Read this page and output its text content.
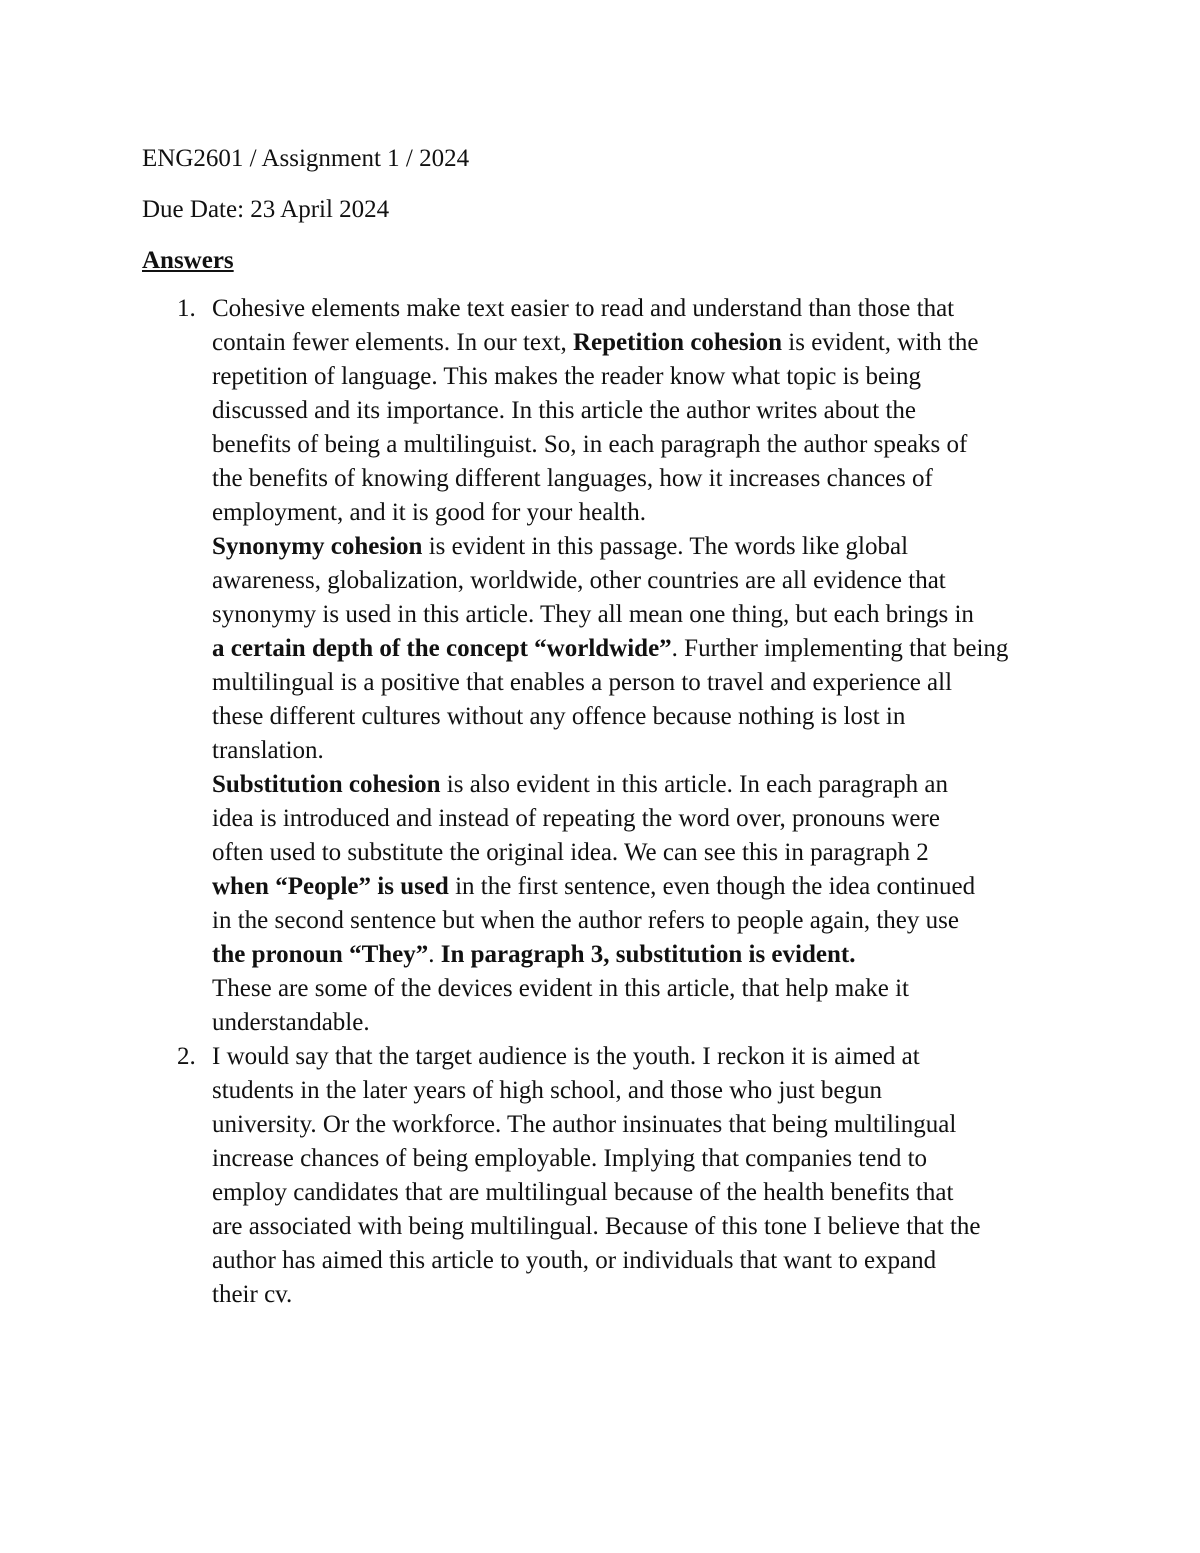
ENG2601 / Assignment 1 / 2024
Due Date: 23 April 2024
Answers
1. Cohesive elements make text easier to read and understand than those that

contain fewer elements. In our text, Repetition cohesion is evident, with the

repetition of language. This makes the reader know what topic is being

discussed and its importance. In this article the author writes about the

benefits of being a multilinguist. So, in each paragraph the author speaks of

the benefits of knowing different languages, how it increases chances of

employment, and it is good for your health.

Synonymy cohesion is evident in this passage. The words like global

awareness, globalization, worldwide, other countries are all evidence that

synonymy is used in this article. They all mean one thing, but each brings in

a certain depth of the concept “worldwide”. Further implementing that being

multilingual is a positive that enables a person to travel and experience all

these different cultures without any offence because nothing is lost in

translation.

Substitution cohesion is also evident in this article. In each paragraph an

idea is introduced and instead of repeating the word over, pronouns were

often used to substitute the original idea. We can see this in paragraph 2

when “People” is used in the first sentence, even though the idea continued

in the second sentence but when the author refers to people again, they use

the pronoun “They”. In paragraph 3, substitution is evident.

These are some of the devices evident in this article, that help make it

understandable.

2. I would say that the target audience is the youth. I reckon it is aimed at

students in the later years of high school, and those who just begun

university. Or the workforce. The author insinuates that being multilingual

increase chances of being employable. Implying that companies tend to

employ candidates that are multilingual because of the health benefits that

are associated with being multilingual. Because of this tone I believe that the

author has aimed this article to youth, or individuals that want to expand

their cv.
